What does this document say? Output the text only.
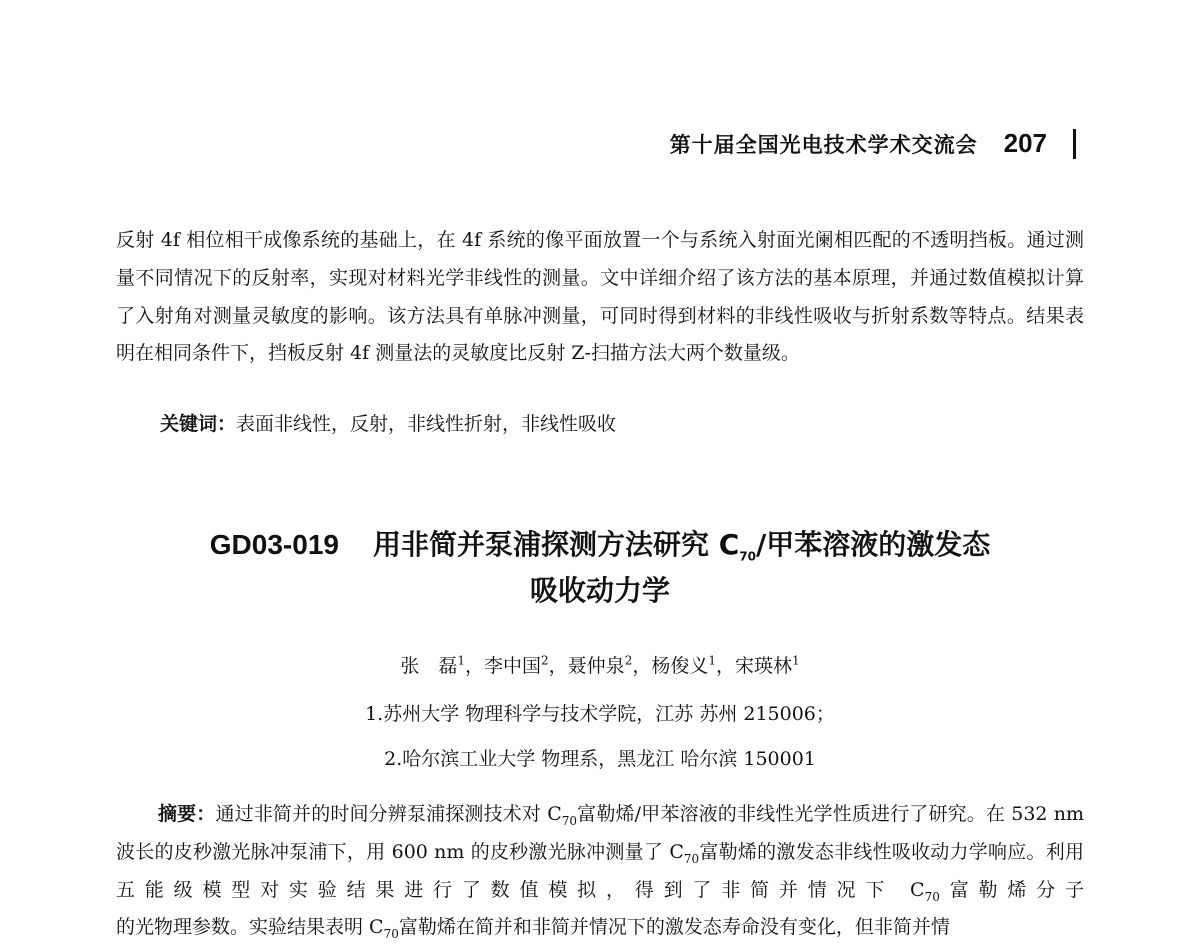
第十届全国光电技术学术交流会 207

反射 4f 相位相干成像系统的基础上，在 4f 系统的像平面放置一个与系统入射面光阑相匹配的不透明挡板。通过测量不同情况下的反射率，实现对材料光学非线性的测量。文中详细介绍了该方法的基本原理，并通过数值模拟计算了入射角对测量灵敏度的影响。该方法具有单脉冲测量，可同时得到材料的非线性吸收与折射系数等特点。结果表明在相同条件下，挡板反射 4f 测量法的灵敏度比反射 Z-扫描方法大两个数量级。

关键词：表面非线性，反射，非线性折射，非线性吸收

GD03-019 用非简并泵浦探测方法研究 $C_{70}/$甲苯溶液的激发态
吸收动力学

张　磊$^1$，李中国$^2$，聂仲泉$^2$，杨俊义$^1$，宋瑛林$^1$

1.苏州大学 物理科学与技术学院，江苏 苏州 215006；

2.哈尔滨工业大学 物理系，黑龙江 哈尔滨 150001

摘要：通过非简并的时间分辨泵浦探测技术对 $C_{70}$富勒烯/甲苯溶液的非线性光学性质进行了研究。在 532 nm 波长的皮秒激光脉冲泵浦下，用 600 nm 的皮秒激光脉冲测量了 $C_{70}$富勒烯的激发态非线性吸收动力学响应。利用五能级模型对实验结果进行了数值模拟，得到了非简并情况下 $C_{70}$富勒烯分子的光物理参数。实验结果表明 $C_{70}$富勒烯在简并和非简并情况下的激发态寿命没有变化，但非简并情
